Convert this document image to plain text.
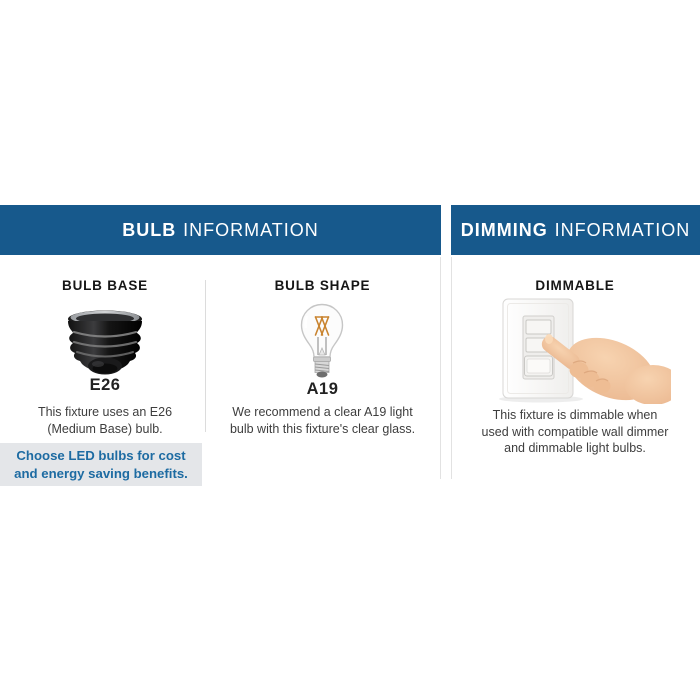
BULB INFORMATION	DIMMING INFORMATION
BULB BASE	BULB SHAPE	DIMMABLE
E26
This fixture uses an E26
(Medium Base) bulb.
A19
We recommend a clear A19 light
bulb with this fixture's clear glass.
Choose LED bulbs for cost
and energy saving benefits.
This fixture is dimmable when
used with compatible wall dimmer
and dimmable light bulbs.
